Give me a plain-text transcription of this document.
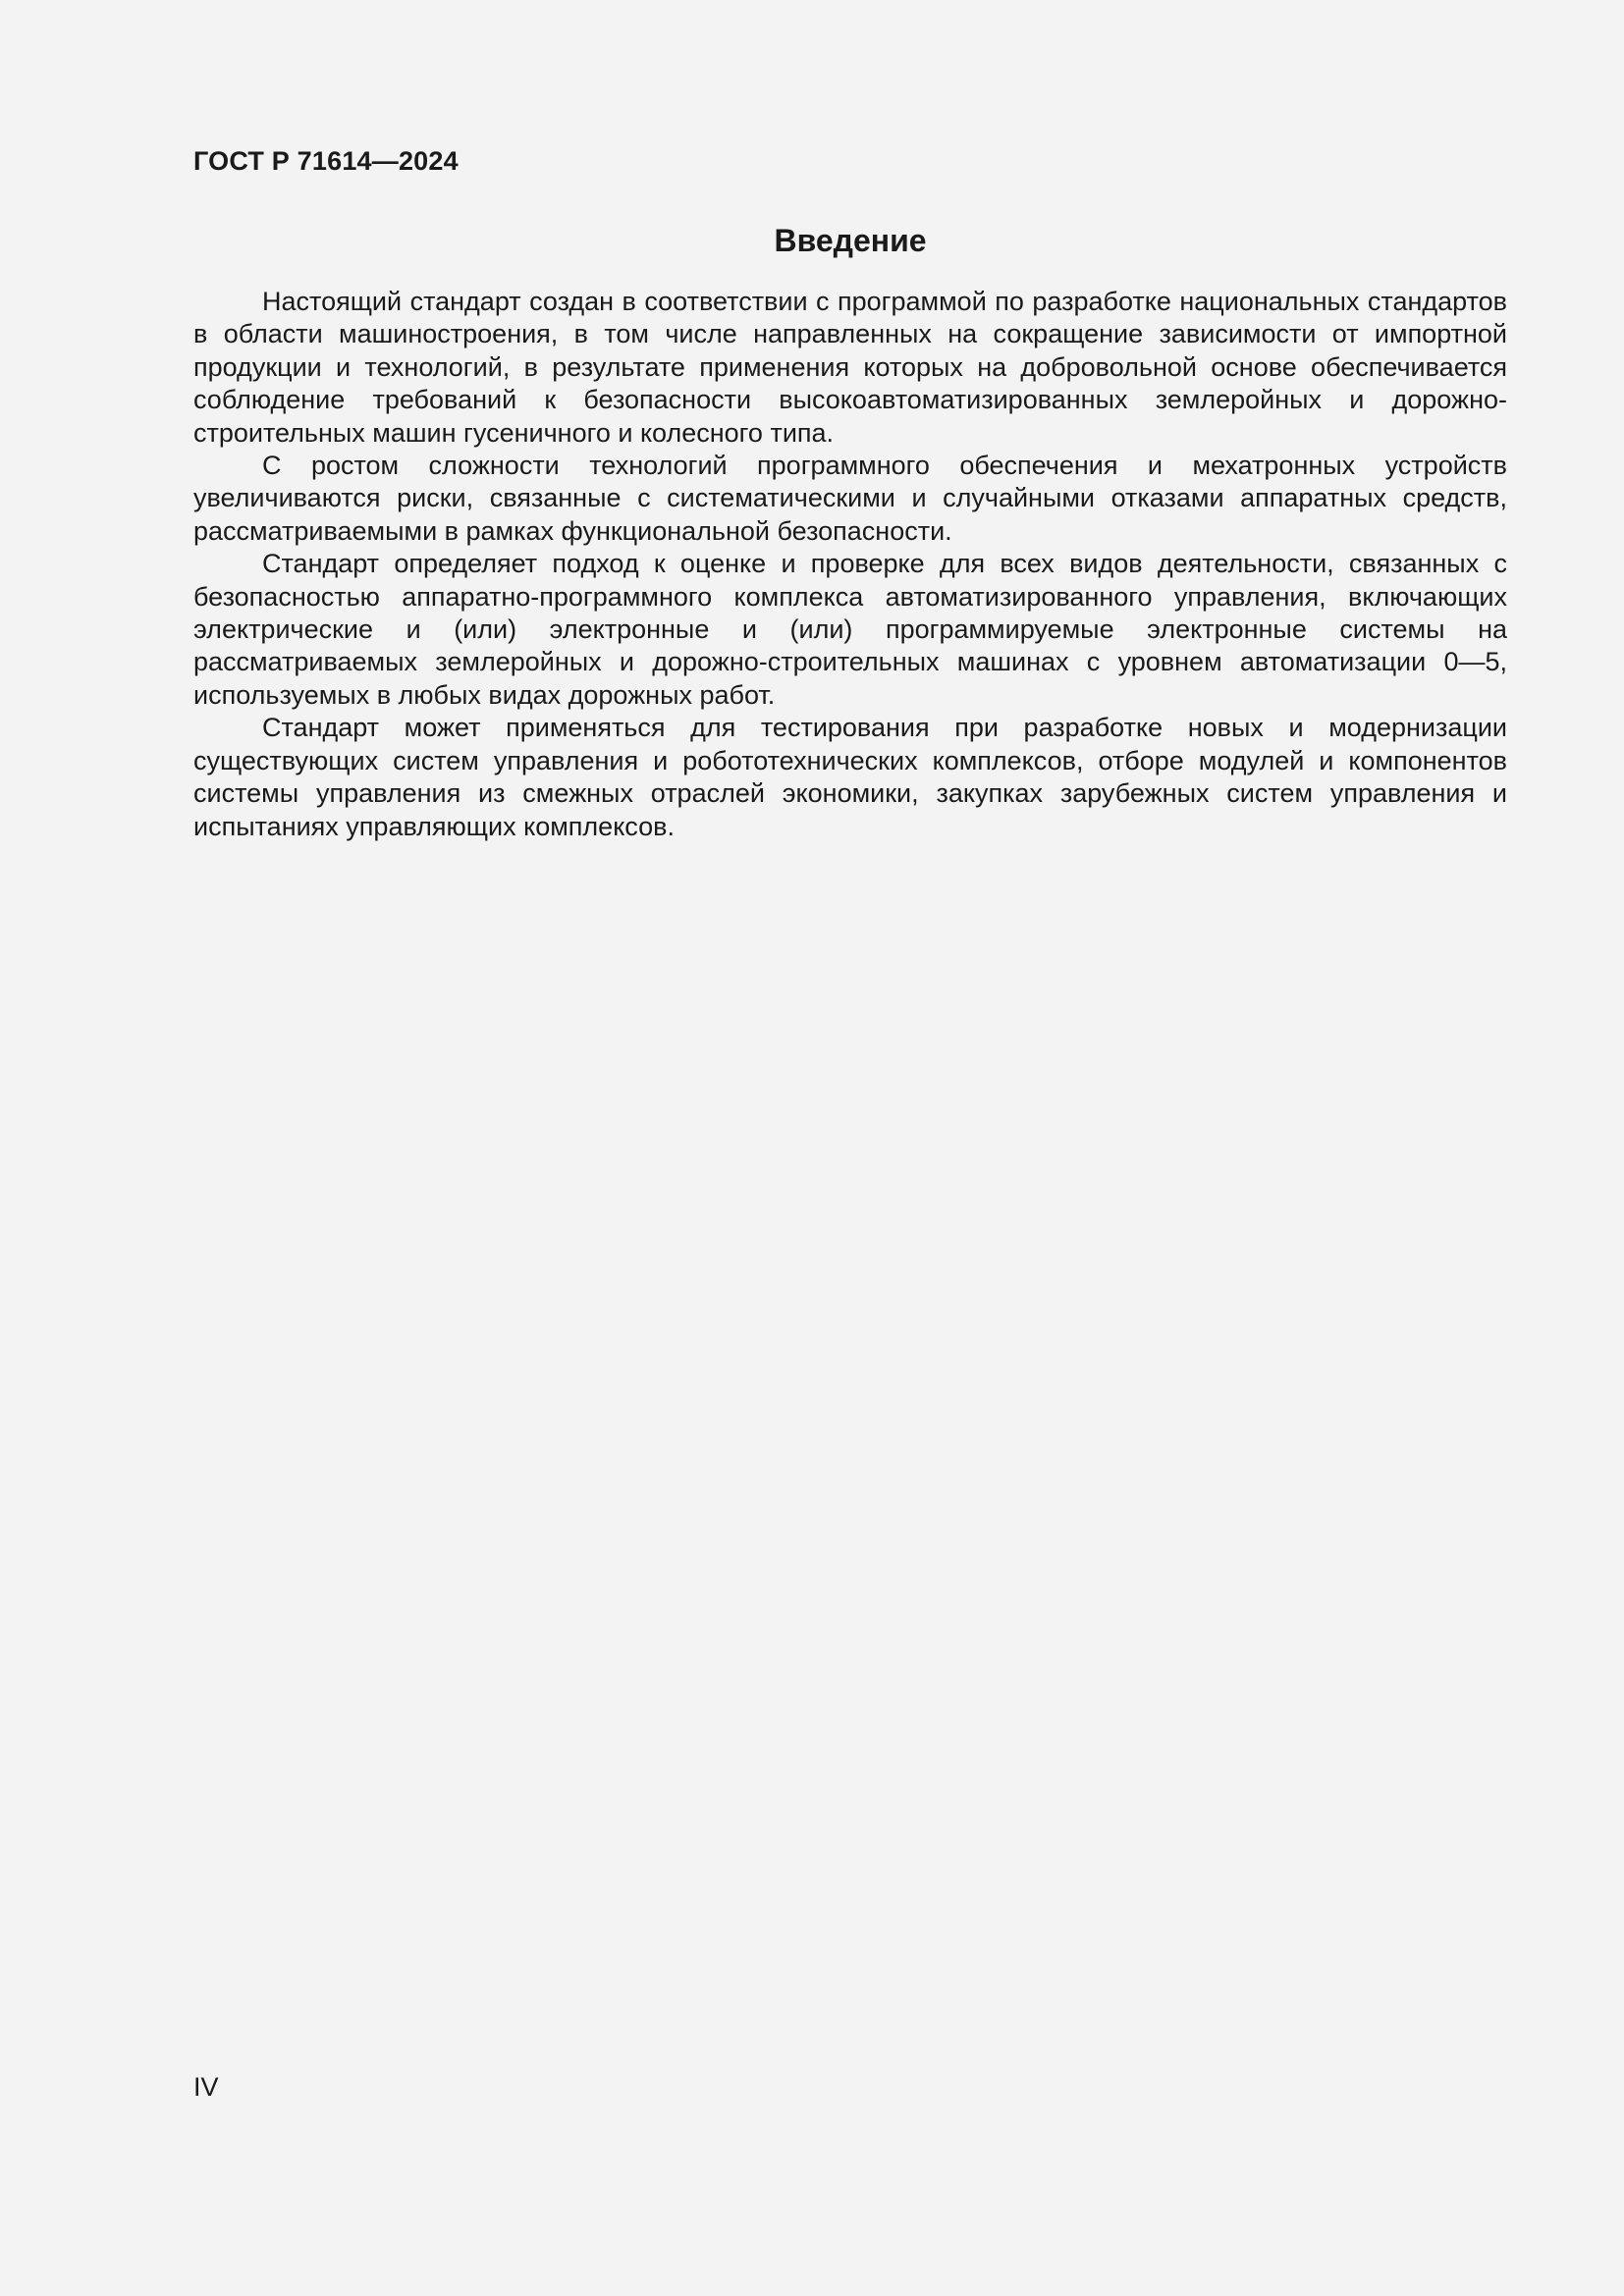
ГОСТ Р 71614—2024
Введение

Настоящий стандарт создан в соответствии с программой по разработке национальных стандартов в области машиностроения, в том числе направленных на сокращение зависимости от импортной продукции и технологий, в результате применения которых на добровольной основе обеспечивается соблюдение требований к безопасности высокоавтоматизированных землеройных и дорожно-строительных машин гусеничного и колесного типа.

С ростом сложности технологий программного обеспечения и мехатронных устройств увеличиваются риски, связанные с систематическими и случайными отказами аппаратных средств, рассматриваемыми в рамках функциональной безопасности.

Стандарт определяет подход к оценке и проверке для всех видов деятельности, связанных с безопасностью аппаратно-программного комплекса автоматизированного управления, включающих электрические и (или) электронные и (или) программируемые электронные системы на рассматриваемых землеройных и дорожно-строительных машинах с уровнем автоматизации 0—5, используемых в любых видах дорожных работ.

Стандарт может применяться для тестирования при разработке новых и модернизации существующих систем управления и робототехнических комплексов, отборе модулей и компонентов системы управления из смежных отраслей экономики, закупках зарубежных систем управления и испытаниях управляющих комплексов.

IV
